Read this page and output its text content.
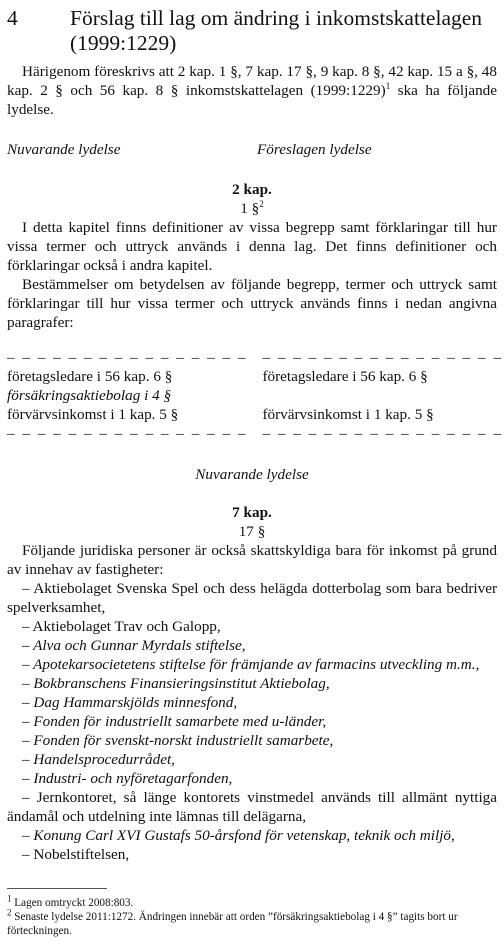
4	Förslag till lag om ändring i inkomstskattelagen (1999:1229)

Härigenom föreskrivs att 2 kap. 1 §, 7 kap. 17 §, 9 kap. 8 §, 42 kap. 15 a §, 48 kap. 2 § och 56 kap. 8 § inkomstskattelagen (1999:1229)$^1$ ska ha följande lydelse.

Nuvarande lydelse	Föreslagen lydelse

2 kap.

1 §$^2$

I detta kapitel finns definitioner av vissa begrepp samt förklaringar till hur vissa termer och uttryck används i denna lag. Det finns definitioner och förklaringar också i andra kapitel.

Bestämmelser om betydelsen av följande begrepp, termer och uttryck samt förklaringar till hur vissa termer och uttryck används finns i nedan angivna paragrafer:

– – – – – – – – – – – – – – – –	– – – – – – – – – – – – – – – –
företagsledare i 56 kap. 6 §	företagsledare i 56 kap. 6 §
försäkringsaktiebolag i 4 §	
förvärvsinkomst i 1 kap. 5 §	förvärvsinkomst i 1 kap. 5 §
– – – – – – – – – – – – – – – –	– – – – – – – – – – – – – – – –

Nuvarande lydelse

7 kap.

17 §

Följande juridiska personer är också skattskyldiga bara för inkomst på grund av innehav av fastigheter:

– Aktiebolaget Svenska Spel och dess helägda dotterbolag som bara bedriver spelverksamhet,

– Aktiebolaget Trav och Galopp,

– Alva och Gunnar Myrdals stiftelse,

– Apotekarsocietetens stiftelse för främjande av farmacins utveckling m.m.,

– Bokbranschens Finansieringsinstitut Aktiebolag,

– Dag Hammarskjölds minnesfond,

– Fonden för industriellt samarbete med u-länder,

– Fonden för svenskt-norskt industriellt samarbete,

– Handelsprocedurrådet,

– Industri- och nyföretagarfonden,

– Jernkontoret, så länge kontorets vinstmedel används till allmänt nyttiga ändamål och utdelning inte lämnas till delägarna,

– Konung Carl XVI Gustafs 50-årsfond för vetenskap, teknik och miljö,

– Nobelstiftelsen,

$^1$ Lagen omtryckt 2008:803.

$^2$ Senaste lydelse 2011:1272. Ändringen innebär att orden ”försäkringsaktiebolag i 4 §” tagits bort ur förteckningen.
